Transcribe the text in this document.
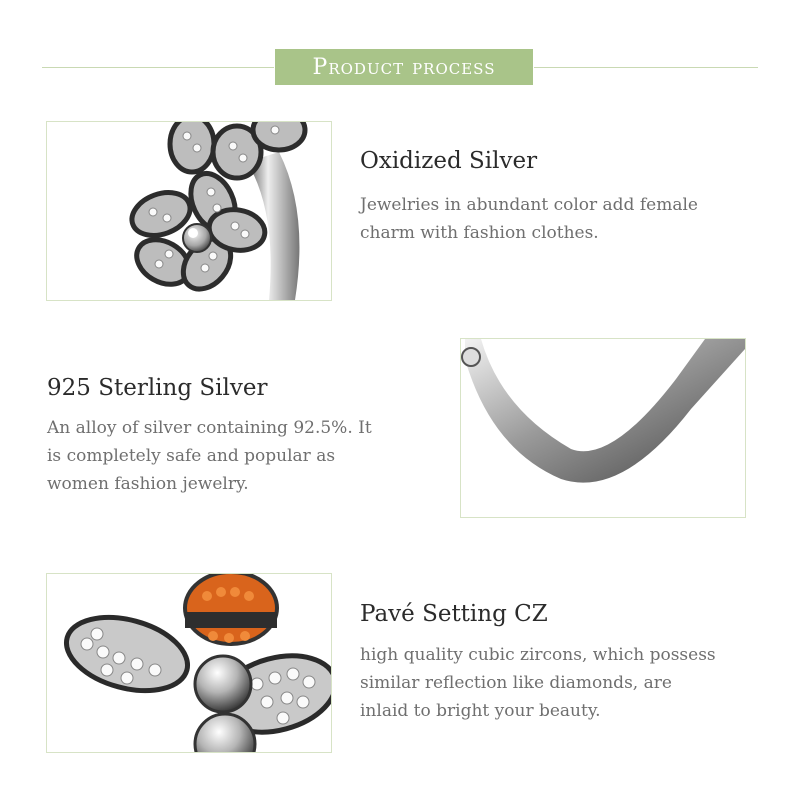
Product process
Oxidized Silver
Jewelries in abundant color add female
charm with fashion clothes.
925 Sterling Silver
An alloy of silver containing 92.5%. It
is completely safe and popular as
women fashion jewelry.
Pavé Setting CZ
high quality cubic zircons, which possess
similar reflection like diamonds, are
inlaid to bright your beauty.
